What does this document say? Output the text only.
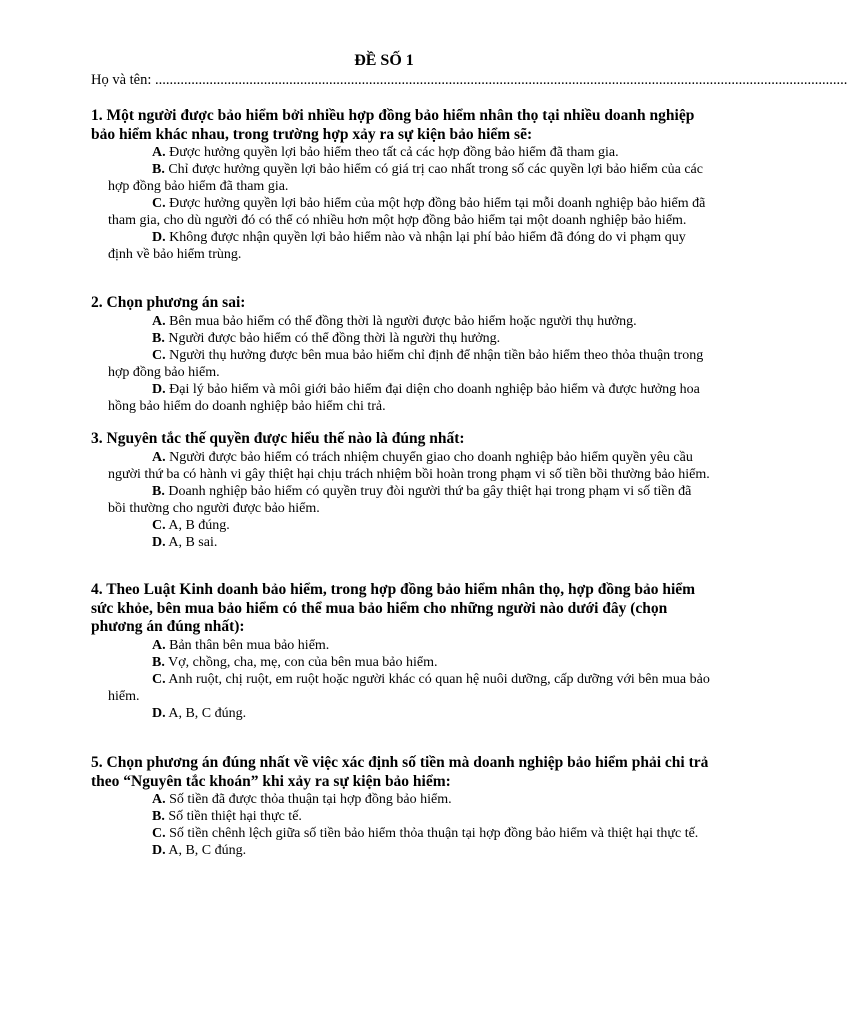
ĐỀ SỐ 1
Họ và tên: ...............................................................................................................................................................................................
1. Một người được bảo hiểm bởi nhiều hợp đồng bảo hiểm nhân thọ tại nhiều doanh nghiệp bảo hiểm khác nhau, trong trường hợp xảy ra sự kiện bảo hiểm sẽ:
A. Được hưởng quyền lợi bảo hiểm theo tất cả các hợp đồng bảo hiểm đã tham gia.
B. Chỉ được hưởng quyền lợi bảo hiểm có giá trị cao nhất trong số các quyền lợi bảo hiểm của các hợp đồng bảo hiểm đã tham gia.
C. Được hưởng quyền lợi bảo hiểm của một hợp đồng bảo hiểm tại mỗi doanh nghiệp bảo hiểm đã tham gia, cho dù người đó có thể có nhiều hơn một hợp đồng bảo hiểm tại một doanh nghiệp bảo hiểm.
D. Không được nhận quyền lợi bảo hiểm nào và nhận lại phí bảo hiểm đã đóng do vi phạm quy định về bảo hiểm trùng.
2. Chọn phương án sai:
A. Bên mua bảo hiểm có thể đồng thời là người được bảo hiểm hoặc người thụ hưởng.
B. Người được bảo hiểm có thể đồng thời là người thụ hưởng.
C. Người thụ hưởng được bên mua bảo hiểm chỉ định để nhận tiền bảo hiểm theo thỏa thuận trong hợp đồng bảo hiểm.
D. Đại lý bảo hiểm và môi giới bảo hiểm đại diện cho doanh nghiệp bảo hiểm và được hưởng hoa hồng bảo hiểm do doanh nghiệp bảo hiểm chi trả.
3. Nguyên tắc thế quyền được hiểu thế nào là đúng nhất:
A. Người được bảo hiểm có trách nhiệm chuyển giao cho doanh nghiệp bảo hiểm quyền yêu cầu người thứ ba có hành vi gây thiệt hại chịu trách nhiệm bồi hoàn trong phạm vi số tiền bồi thường bảo hiểm.
B. Doanh nghiệp bảo hiểm có quyền truy đòi người thứ ba gây thiệt hại trong phạm vi số tiền đã bồi thường cho người được bảo hiểm.
C. A, B đúng.
D. A, B sai.
4. Theo Luật Kinh doanh bảo hiểm, trong hợp đồng bảo hiểm nhân thọ, hợp đồng bảo hiểm sức khỏe, bên mua bảo hiểm có thể mua bảo hiểm cho những người nào dưới đây (chọn phương án đúng nhất):
A. Bản thân bên mua bảo hiểm.
B. Vợ, chồng, cha, mẹ, con của bên mua bảo hiểm.
C. Anh ruột, chị ruột, em ruột hoặc người khác có quan hệ nuôi dưỡng, cấp dưỡng với bên mua bảo hiểm.
D. A, B, C đúng.
5. Chọn phương án đúng nhất về việc xác định số tiền mà doanh nghiệp bảo hiểm phải chi trả theo “Nguyên tắc khoán” khi xảy ra sự kiện bảo hiểm:
A. Số tiền đã được thỏa thuận tại hợp đồng bảo hiểm.
B. Số tiền thiệt hại thực tế.
C. Số tiền chênh lệch giữa số tiền bảo hiểm thỏa thuận tại hợp đồng bảo hiểm và thiệt hại thực tế.
D. A, B, C đúng.
